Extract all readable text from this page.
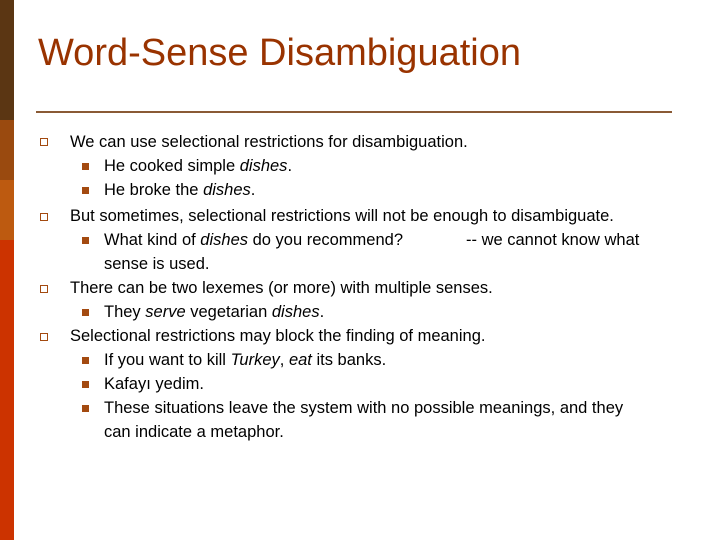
Word-Sense Disambiguation
We can use selectional restrictions for disambiguation.
He cooked simple dishes.
He broke the dishes.
But sometimes, selectional restrictions will not be enough to disambiguate.
What kind of dishes do you recommend?	-- we cannot know what
sense is used.
There can be two lexemes (or more) with multiple senses.
They serve vegetarian dishes.
Selectional restrictions may block the finding of meaning.
If you want to kill Turkey, eat its banks.
Kafayı yedim.
These situations leave the system with no possible meanings, and they
can indicate a metaphor.
